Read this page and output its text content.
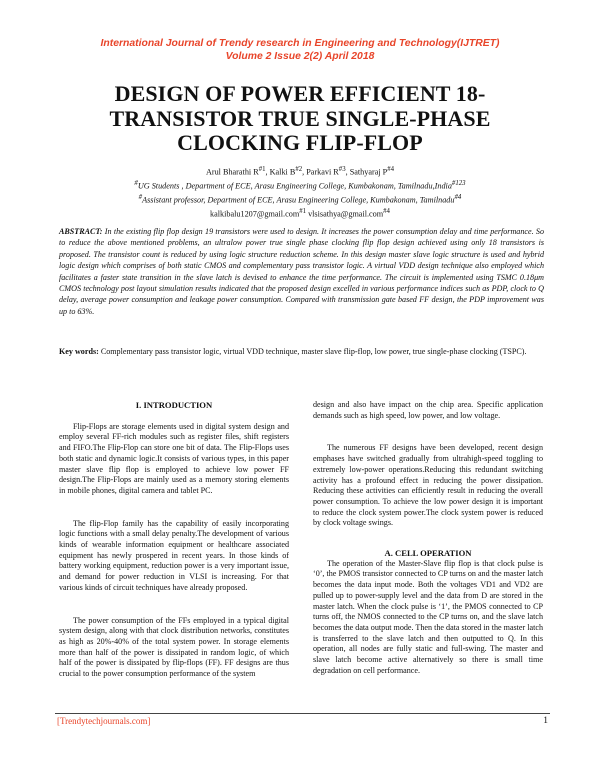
International Journal of Trendy research in Engineering and Technology(IJTRET)
Volume 2 Issue 2(2) April 2018
DESIGN OF POWER EFFICIENT 18-
TRANSISTOR TRUE SINGLE-PHASE
CLOCKING FLIP-FLOP
Arul Bharathi $R^{\#1}$, Kalki $B^{\#2}$, Parkavi $R^{\#3}$, Sathyaraj $P^{\#4}$
#UG Students , Department of ECE, Arasu Engineering College, Kumbakonam, Tamilnadu,India$^{\#123}$
#Assistant professor, Department of ECE, Arasu Engineering College, Kumbakonam, Tamilnadu$^{\#4}$
kalkibalu1207@gmail.com$^{\#1}$ vlsisathya@gmail.com$^{\#4}$
ABSTRACT: In the existing flip flop design 19 transistors were used to design. It increases the power consumption delay and time performance. So to reduce the above mentioned problems, an ultralow power true single phase clocking flip flop design achieved using only 18 transistors is proposed. The transistor count is reduced by using logic structure reduction scheme. In this design master slave logic structure is used and hybrid logic design which comprises of both static CMOS and complementary pass transistor logic. A virtual VDD design technique also employed which facilitates a faster state transition in the slave latch is devised to enhance the time performance. The circuit is implemented using TSMC 0.18μm CMOS technology post layout simulation results indicated that the proposed design excelled in various performance indices such as PDP, clock to Q delay, average power consumption and leakage power consumption. Compared with transmission gate based FF design, the PDP improvement was up to 63%.
Key words: Complementary pass transistor logic, virtual VDD technique, master slave flip-flop, low power, true single-phase clocking (TSPC).

I. INTRODUCTION

Flip-Flops are storage elements used in digital system design and employ several FF-rich modules such as register files, shift registers and FIFO.The Flip-Flop can store one bit of data. The Flip-Flops uses both static and dynamic logic.It consists of various types, in this paper master slave flip flop is employed to achieve low power FF design.The Flip-Flops are mainly used as a memory storing elements in mobile phones, digital camera and tablet PC.

The flip-Flop family has the capability of easily incorporating logic functions with a small delay penalty.The development of various kinds of wearable information equipment or healthcare associated equipment has newly prospered in recent years. In those kinds of battery working equipment, reduction power is a very important issue, and demand for power reduction in VLSI is increasing. For that various kinds of circuit techniques have already proposed.

The power consumption of the FFs employed in a typical digital system design, along with that clock distribution networks, constitutes as high as 20%-40% of the total system power. In storage elements more than half of the power is dissipated in random logic, of which half of the power is dissipated by flip-flops (FF). FF designs are thus crucial to the power consumption performance of the system

design and also have impact on the chip area. Specific application demands such as high speed, low power, and low voltage.

The numerous FF designs have been developed, recent design emphases have switched gradually from ultrahigh-speed toggling to extremely low-power operations.Reducing this redundant switching activity has a profound effect in reducing the power dissipation. Reducing these activities can efficiently result in reducing the overall power consumption. To achieve the low power design it is important to reduce the clock system power.The clock system power is reduced by clock voltage swings.

A. CELL OPERATION

The operation of the Master-Slave flip flop is that clock pulse is ‘0’, the PMOS transistor connected to CP turns on and the master latch becomes the data input mode. Both the voltages VD1 and VD2 are pulled up to power-supply level and the data from D are stored in the master latch. When the clock pulse is ‘1’, the PMOS connected to CP turns off, the NMOS connected to the CP turns on, and the slave latch becomes the data output mode. Then the data stored in the master latch is transferred to the slave latch and then outputted to Q. In this operation, all nodes are fully static and full-swing. The master and slave latch become active alternatively so there is small time degradation on cell performance.

[Trendytechjournals.com]	1
